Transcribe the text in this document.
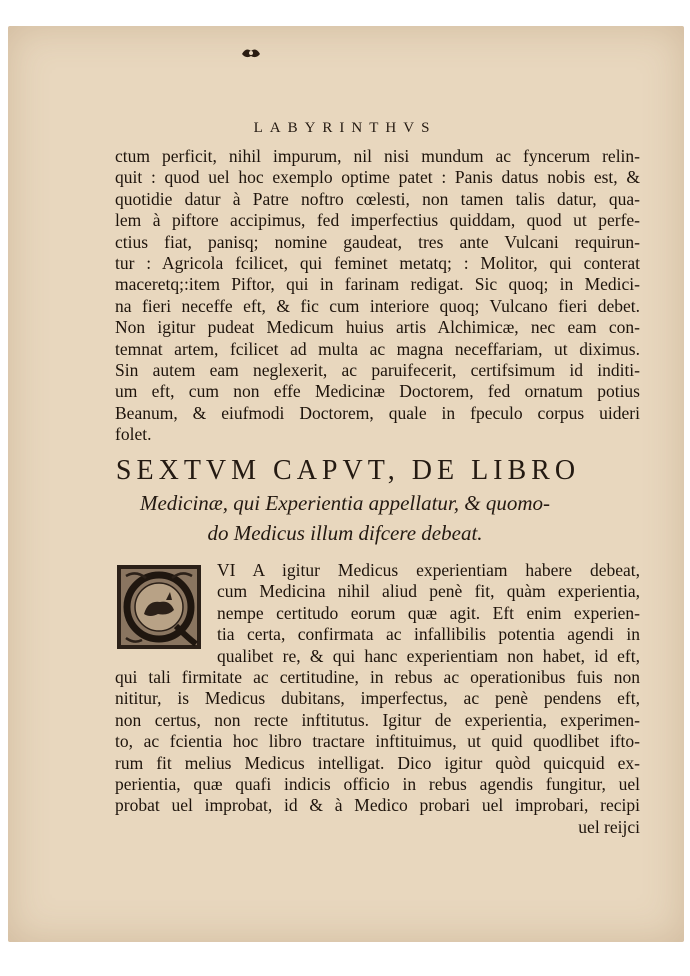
LABYRINTHVS
ctum perficit, nihil impurum, nil nisi mundum ac fyncerum relin-
quit : quod uel hoc exemplo optime patet : Panis datus nobis est, &
quotidie datur à Patre noftro cœlesti, non tamen talis datur, qua-
lem à piftore accipimus, fed imperfectius quiddam, quod ut perfe-
ctius fiat, panisq; nomine gaudeat, tres ante Vulcani requirun-
tur : Agricola fcilicet, qui feminet metatq; : Molitor, qui conterat
maceretq;:item Piftor, qui in farinam redigat. Sic quoq; in Medici-
na fieri neceffe eft, & fic cum interiore quoq; Vulcano fieri debet.
Non igitur pudeat Medicum huius artis Alchimicæ, nec eam con-
temnat artem, fcilicet ad multa ac magna neceffariam, ut diximus.
Sin autem eam neglexerit, ac paruifecerit, certifsimum id inditi-
um eft, cum non effe Medicinæ Doctorem, fed ornatum potius
Beanum, & eiufmodi Doctorem, quale in fpeculo corpus uideri
folet.
SEXTVM CAPVT, DE LIBRO
Medicinæ, qui Experientia appellatur, & quomo-
do Medicus illum difcere debeat.
VI A igitur Medicus experientiam habere debeat,
cum Medicina nihil aliud penè fit, quàm experientia,
nempe certitudo eorum quæ agit. Eft enim experien-
tia certa, confirmata ac infallibilis potentia agendi in
qualibet re, & qui hanc experientiam non habet, id eft,
qui tali firmitate ac certitudine, in rebus ac operationibus fuis non
nititur, is Medicus dubitans, imperfectus, ac penè pendens eft,
non certus, non recte inftitutus. Igitur de experientia, experimen-
to, ac fcientia hoc libro tractare inftituimus, ut quid quodlibet ifto-
rum fit melius Medicus intelligat. Dico igitur quòd quicquid ex-
perientia, quæ quafi indicis officio in rebus agendis fungitur, uel
probat uel improbat, id & à Medico probari uel improbari, recipi
uel reijci
